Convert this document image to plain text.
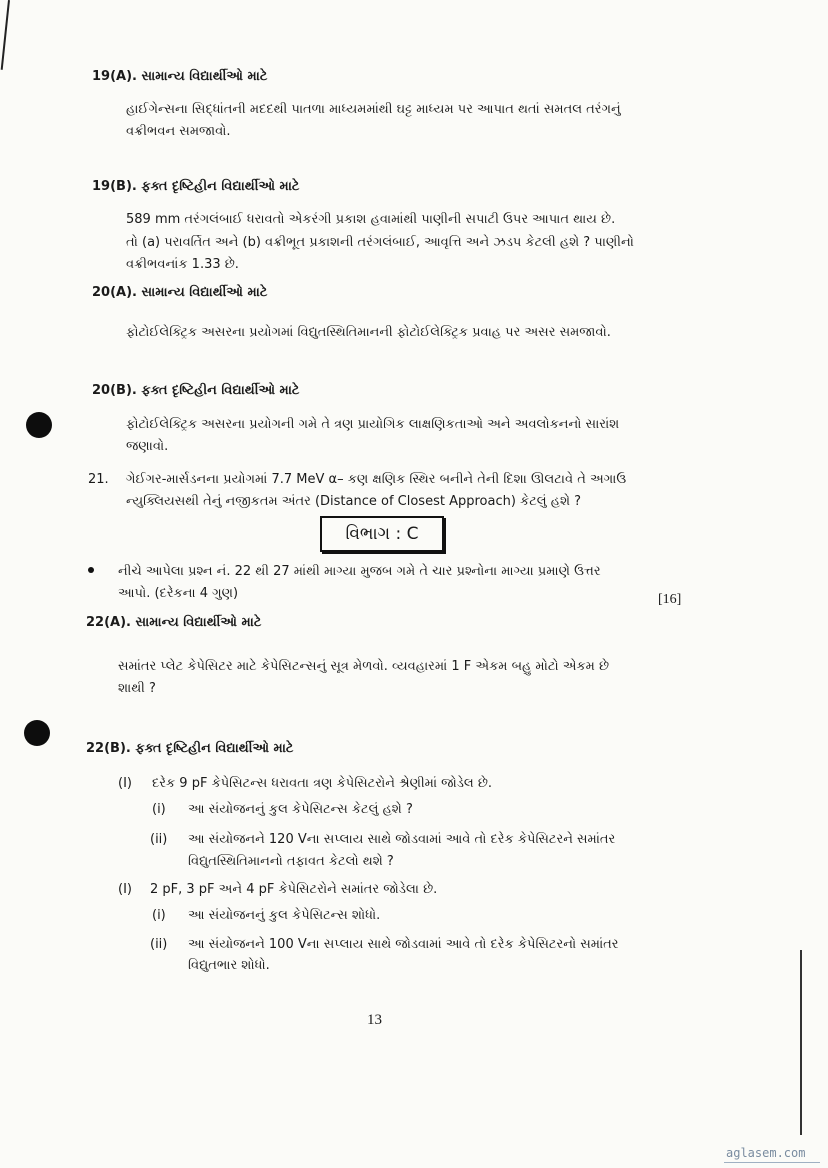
19(A). સામાન્ય વિદ્યાર્થીઓ માટે
હાઈગેન્સના સિદ્ધાંતની મદદથી પાતળા માધ્યમમાંથી ઘટ્ટ માધ્યમ પર આપાત થતાં સમતલ તરંગનું
વક્રીભવન સમજાવો.
19(B). ફક્ત દૃષ્ટિહીન વિદ્યાર્થીઓ માટે
589 mm તરંગલંબાઈ ધરાવતો એકરંગી પ્રકાશ હવામાંથી પાણીની સપાટી ઉપર આપાત થાય છે.
તો (a) પરાવર્તિત અને (b) વક્રીભૂત પ્રકાશની તરંગલંબાઈ, આવૃત્તિ અને ઝડપ કેટલી હશે ? પાણીનો
વક્રીભવનાંક 1.33 છે.
20(A). સામાન્ય વિદ્યાર્થીઓ માટે
ફોટોઈલેક્ટ્રિક અસરના પ્રયોગમાં વિદ્યુતસ્થિતિમાનની ફોટોઈલેક્ટ્રિક પ્રવાહ પર અસર સમજાવો.
20(B). ફક્ત દૃષ્ટિહીન વિદ્યાર્થીઓ માટે
ફોટોઈલેક્ટ્રિક અસરના પ્રયોગની ગમે તે ત્રણ પ્રાયોગિક લાક્ષણિકતાઓ અને અવલોકનનો સારાંશ
જણાવો.
21. ગેઈગર-માર્સડનના પ્રયોગમાં 7.7 MeV α– કણ ક્ષણિક સ્થિર બનીને તેની દિશા ઊલટાવે તે અગાઉ
ન્યુક્લિયસથી તેનું નજીકતમ અંતર (Distance of Closest Approach) કેટલું હશે ?
વિભાગ : C
નીચે આપેલા પ્રશ્ન નં. 22 થી 27 માંથી માગ્યા મુજબ ગમે તે ચાર પ્રશ્નોના માગ્યા પ્રમાણે ઉત્તર
આપો. (દરેકના 4 ગુણ)	[16]
22(A). સામાન્ય વિદ્યાર્થીઓ માટે
સમાંતર પ્લેટ કેપેસિટર માટે કેપેસિટન્સનું સૂત્ર મેળવો. વ્યવહારમાં 1 F એકમ બહુ મોટો એકમ છે
શાથી ?
22(B). ફક્ત દૃષ્ટિહીન વિદ્યાર્થીઓ માટે
(I) દરેક 9 pF કેપેસિટન્સ ધરાવતા ત્રણ કેપેસિટરોને શ્રેણીમાં જોડેલ છે.
(i) આ સંયોજનનું કુલ કેપેસિટન્સ કેટલું હશે ?
(ii) આ સંયોજનને 120 Vના સપ્લાય સાથે જોડવામાં આવે તો દરેક કેપેસિટરને સમાંતર
વિદ્યુતસ્થિતિમાનનો તફાવત કેટલો થશે ?
(I) 2 pF, 3 pF અને 4 pF કેપેસિટરોને સમાંતર જોડેલા છે.
(i) આ સંયોજનનું કુલ કેપેસિટન્સ શોધો.
(ii) આ સંયોજનને 100 Vના સપ્લાય સાથે જોડવામાં આવે તો દરેક કેપેસિટરનો સમાંતર
વિદ્યુતભાર શોધો.
13
aglasem.com
